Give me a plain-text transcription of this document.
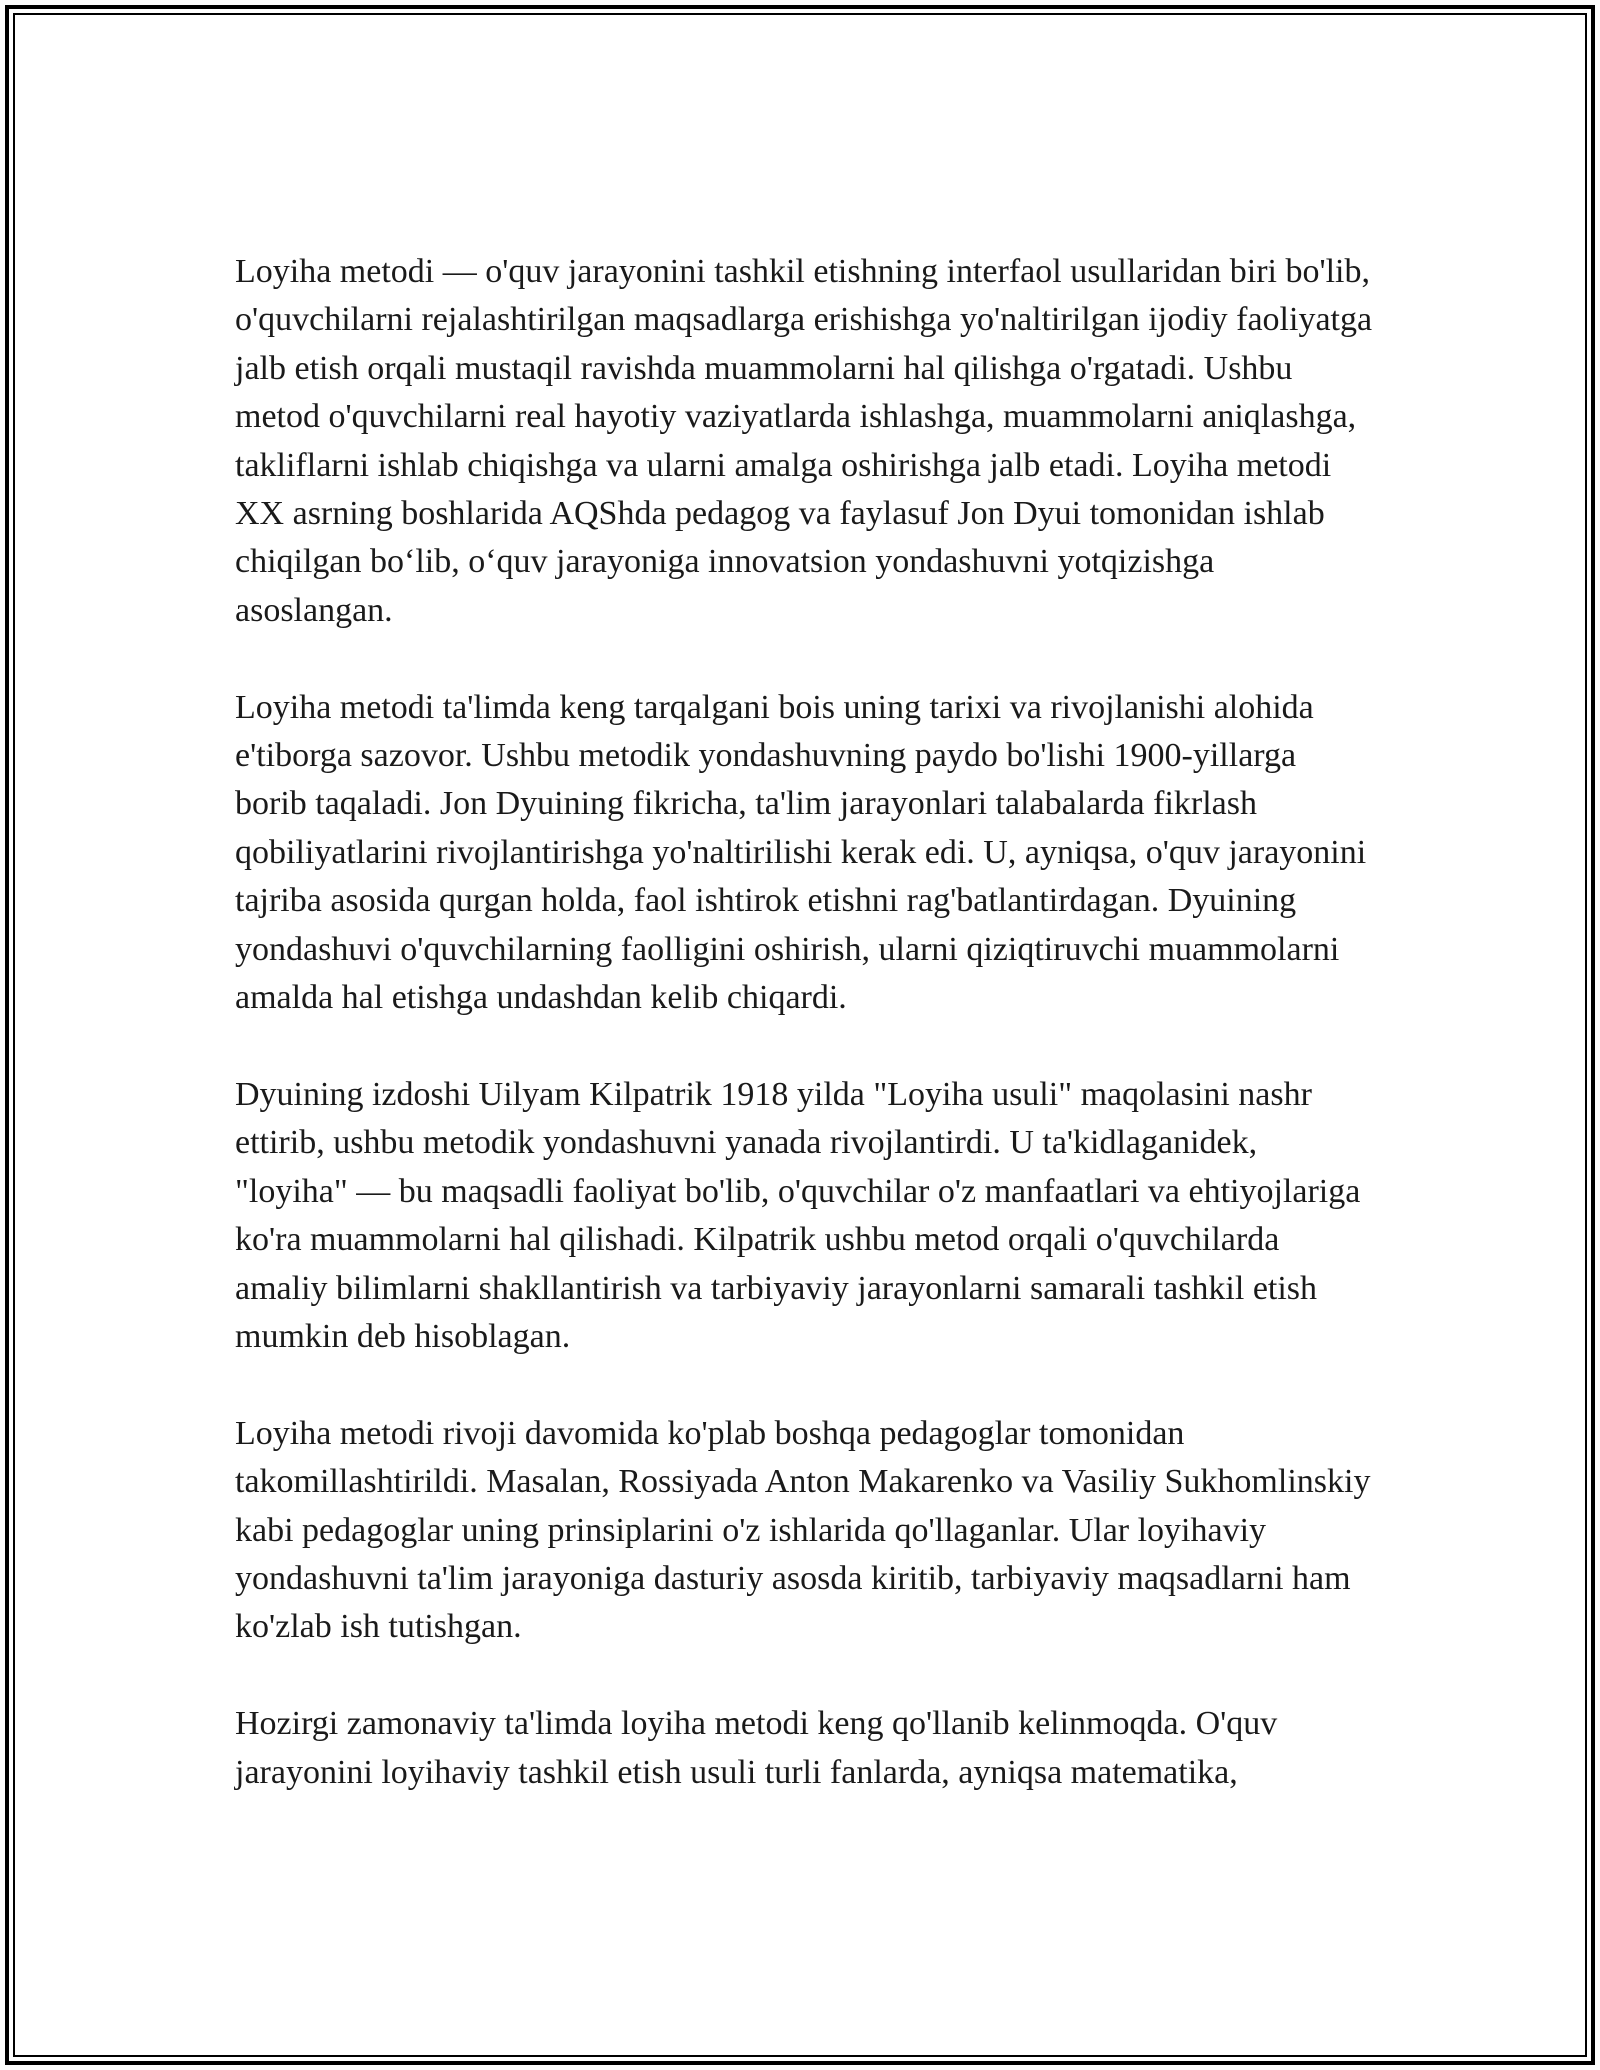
Loyiha metodi — o'quv jarayonini tashkil etishning interfaol usullaridan biri bo'lib, o'quvchilarni rejalashtirilgan maqsadlarga erishishga yo'naltirilgan ijodiy faoliyatga jalb etish orqali mustaqil ravishda muammolarni hal qilishga o'rgatadi. Ushbu metod o'quvchilarni real hayotiy vaziyatlarda ishlashga, muammolarni aniqlashga, takliflarni ishlab chiqishga va ularni amalga oshirishga jalb etadi. Loyiha metodi XX asrning boshlarida AQShda pedagog va faylasuf Jon Dyui tomonidan ishlab chiqilgan boʻlib, oʻquv jarayoniga innovatsion yondashuvni yotqizishga asoslangan.

Loyiha metodi ta'limda keng tarqalgani bois uning tarixi va rivojlanishi alohida e'tiborga sazovor. Ushbu metodik yondashuvning paydo bo'lishi 1900-yillarga borib taqaladi. Jon Dyuining fikricha, ta'lim jarayonlari talabalarda fikrlash qobiliyatlarini rivojlantirishga yo'naltirilishi kerak edi. U, ayniqsa, o'quv jarayonini tajriba asosida qurgan holda, faol ishtirok etishni rag'batlantirdagan. Dyuining yondashuvi o'quvchilarning faolligini oshirish, ularni qiziqtiruvchi muammolarni amalda hal etishga undashdan kelib chiqardi.

Dyuining izdoshi Uilyam Kilpatrik 1918 yilda "Loyiha usuli" maqolasini nashr ettirib, ushbu metodik yondashuvni yanada rivojlantirdi. U ta'kidlaganidek, "loyiha" — bu maqsadli faoliyat bo'lib, o'quvchilar o'z manfaatlari va ehtiyojlariga ko'ra muammolarni hal qilishadi. Kilpatrik ushbu metod orqali o'quvchilarda amaliy bilimlarni shakllantirish va tarbiyaviy jarayonlarni samarali tashkil etish mumkin deb hisoblagan.

Loyiha metodi rivoji davomida ko'plab boshqa pedagoglar tomonidan takomillashtirildi. Masalan, Rossiyada Anton Makarenko va Vasiliy Sukhomlinskiy kabi pedagoglar uning prinsiplarini o'z ishlarida qo'llaganlar. Ular loyihaviy yondashuvni ta'lim jarayoniga dasturiy asosda kiritib, tarbiyaviy maqsadlarni ham ko'zlab ish tutishgan.

Hozirgi zamonaviy ta'limda loyiha metodi keng qo'llanib kelinmoqda. O'quv jarayonini loyihaviy tashkil etish usuli turli fanlarda, ayniqsa matematika,
